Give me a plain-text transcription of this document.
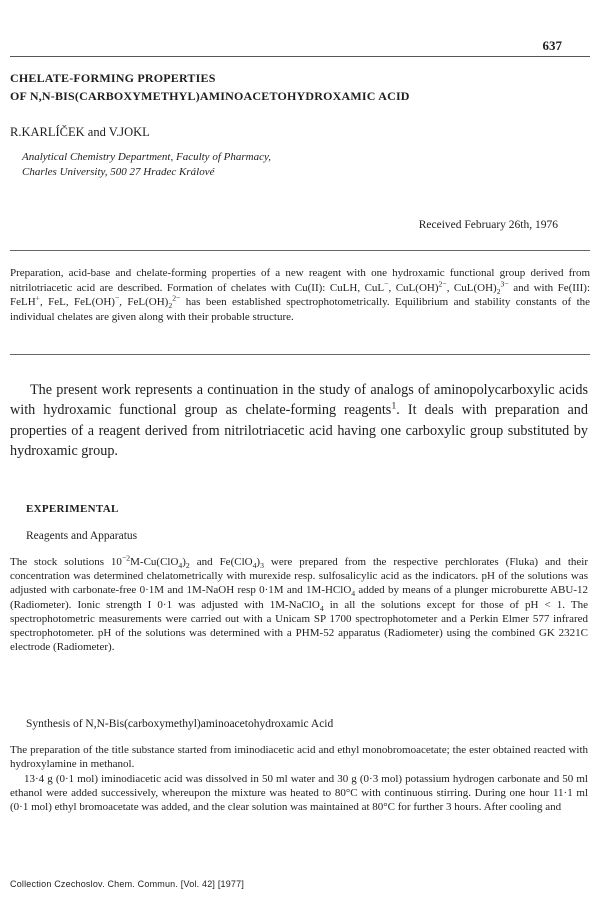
637
CHELATE-FORMING PROPERTIES
OF N,N-BIS(CARBOXYMETHYL)AMINOACETOHYDROXAMIC ACID
R.KARLÍČEK and V.JOKL
Analytical Chemistry Department, Faculty of Pharmacy,
Charles University, 500 27 Hradec Králové
Received February 26th, 1976
Preparation, acid-base and chelate-forming properties of a new reagent with one hydroxamic functional group derived from nitrilotriacetic acid are described. Formation of chelates with Cu(II): CuLH, CuL−, CuL(OH)$^{2-}$, $CuL(OH)_2^{3-}$ and with Fe(III): FeLH+, FeL, FeL(OH)−, $FeL(OH)_2^{2-}$ has been established spectrophotometrically. Equilibrium and stability constants of the individual chelates are given along with their probable structure.
The present work represents a continuation in the study of analogs of aminopolycarboxylic acids with hydroxamic functional group as chelate-forming reagents$^1$. It deals with preparation and properties of a reagent derived from nitrilotriacetic acid having one carboxylic group substituted by hydroxamic group.
EXPERIMENTAL
Reagents and Apparatus
The stock solutions $10^{-2}M-Cu(ClO_4)_2$ and $Fe(ClO_4)_3$ were prepared from the respective perchlorates (Fluka) and their concentration was determined chelatometrically with murexide resp. sulfosalicylic acid as the indicators. pH of the solutions was adjusted with carbonate-free 0·1M and 1M-NaOH resp 0·1M and 1M-HClO$_4$ added by means of a plunger microburette ABU-12 (Radiometer). Ionic strength I 0·1 was adjusted with 1M-NaClO$_4$ in all the solutions except for those of pH < 1. The spectrophotometric measurements were carried out with a Unicam SP 1700 spectrophotometer and a Perkin Elmer 577 infrared spectrophotometer. pH of the solutions was determined with a PHM-52 apparatus (Radiometer) using the combined GK 2321C electrode (Radiometer).
Synthesis of N,N-Bis(carboxymethyl)aminoacetohydroxamic Acid
The preparation of the title substance started from iminodiacetic acid and ethyl monobromoacetate; the ester obtained reacted with hydroxylamine in methanol.
13·4 g (0·1 mol) iminodiacetic acid was dissolved in 50 ml water and 30 g (0·3 mol) potassium hydrogen carbonate and 50 ml ethanol were added successively, whereupon the mixture was heated to 80°C with continuous stirring. During one hour 11·1 ml (0·1 mol) ethyl bromoacetate was added, and the clear solution was maintained at 80°C for further 3 hours. After cooling and
Collection Czechoslov. Chem. Commun. [Vol. 42] [1977]
